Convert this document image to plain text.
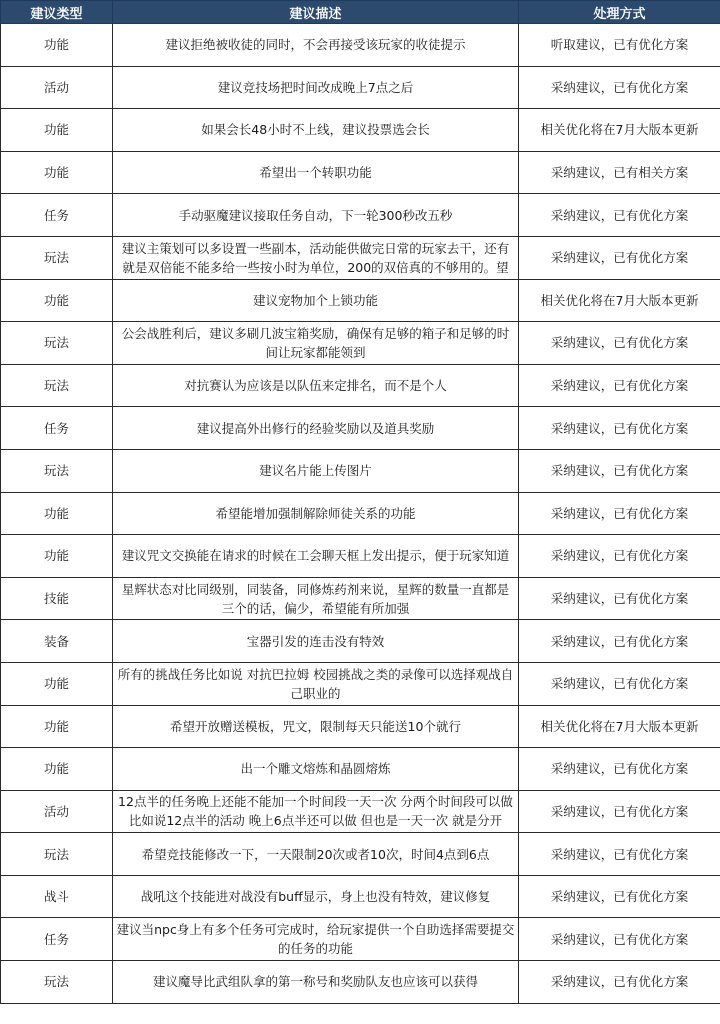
建议类型	建议描述	处理方式
功能	建议拒绝被收徒的同时，不会再接受该玩家的收徒提示	听取建议，已有优化方案
活动	建议竞技场把时间改成晚上7点之后	采纳建议，已有优化方案
功能	如果会长48小时不上线，建议投票选会长	相关优化将在7月大版本更新
功能	希望出一个转职功能	采纳建议，已有相关方案
任务	手动驱魔建议接取任务自动，下一轮300秒改五秒	采纳建议，已有优化方案
玩法	建议主策划可以多设置一些副本，活动能供做完日常的玩家去干，还有就是双倍能不能多给一些按小时为单位，200的双倍真的不够用的。望	采纳建议，已有优化方案
功能	建议宠物加个上锁功能	相关优化将在7月大版本更新
玩法	公会战胜利后，建议多刷几波宝箱奖励，确保有足够的箱子和足够的时间让玩家都能领到	采纳建议，已有优化方案
玩法	对抗赛认为应该是以队伍来定排名，而不是个人	采纳建议，已有优化方案
任务	建议提高外出修行的经验奖励以及道具奖励	采纳建议，已有优化方案
玩法	建议名片能上传图片	采纳建议，已有优化方案
功能	希望能增加强制解除师徒关系的功能	采纳建议，已有优化方案
功能	建议咒文交换能在请求的时候在工会聊天框上发出提示，便于玩家知道	采纳建议，已有优化方案
技能	星辉状态对比同级别，同装备，同修炼药剂来说，星辉的数量一直都是三个的话，偏少，希望能有所加强	采纳建议，已有优化方案
装备	宝器引发的连击没有特效	采纳建议，已有优化方案
功能	所有的挑战任务比如说 对抗巴拉姆 校园挑战之类的录像可以选择观战自己职业的	采纳建议，已有优化方案
功能	希望开放赠送模板，咒文，限制每天只能送10个就行	相关优化将在7月大版本更新
功能	出一个雕文熔炼和晶圆熔炼	采纳建议，已有优化方案
活动	12点半的任务晚上还能不能加一个时间段一天一次 分两个时间段可以做比如说12点半的活动 晚上6点半还可以做 但也是一天一次 就是分开	采纳建议，已有优化方案
玩法	希望竞技能修改一下，一天限制20次或者10次，时间4点到6点	采纳建议，已有优化方案
战斗	战吼这个技能进对战没有buff显示，身上也没有特效，建议修复	采纳建议，已有优化方案
任务	建议当npc身上有多个任务可完成时，给玩家提供一个自助选择需要提交的任务的功能	采纳建议，已有优化方案
玩法	建议魔导比武组队拿的第一称号和奖励队友也应该可以获得	采纳建议，已有优化方案
